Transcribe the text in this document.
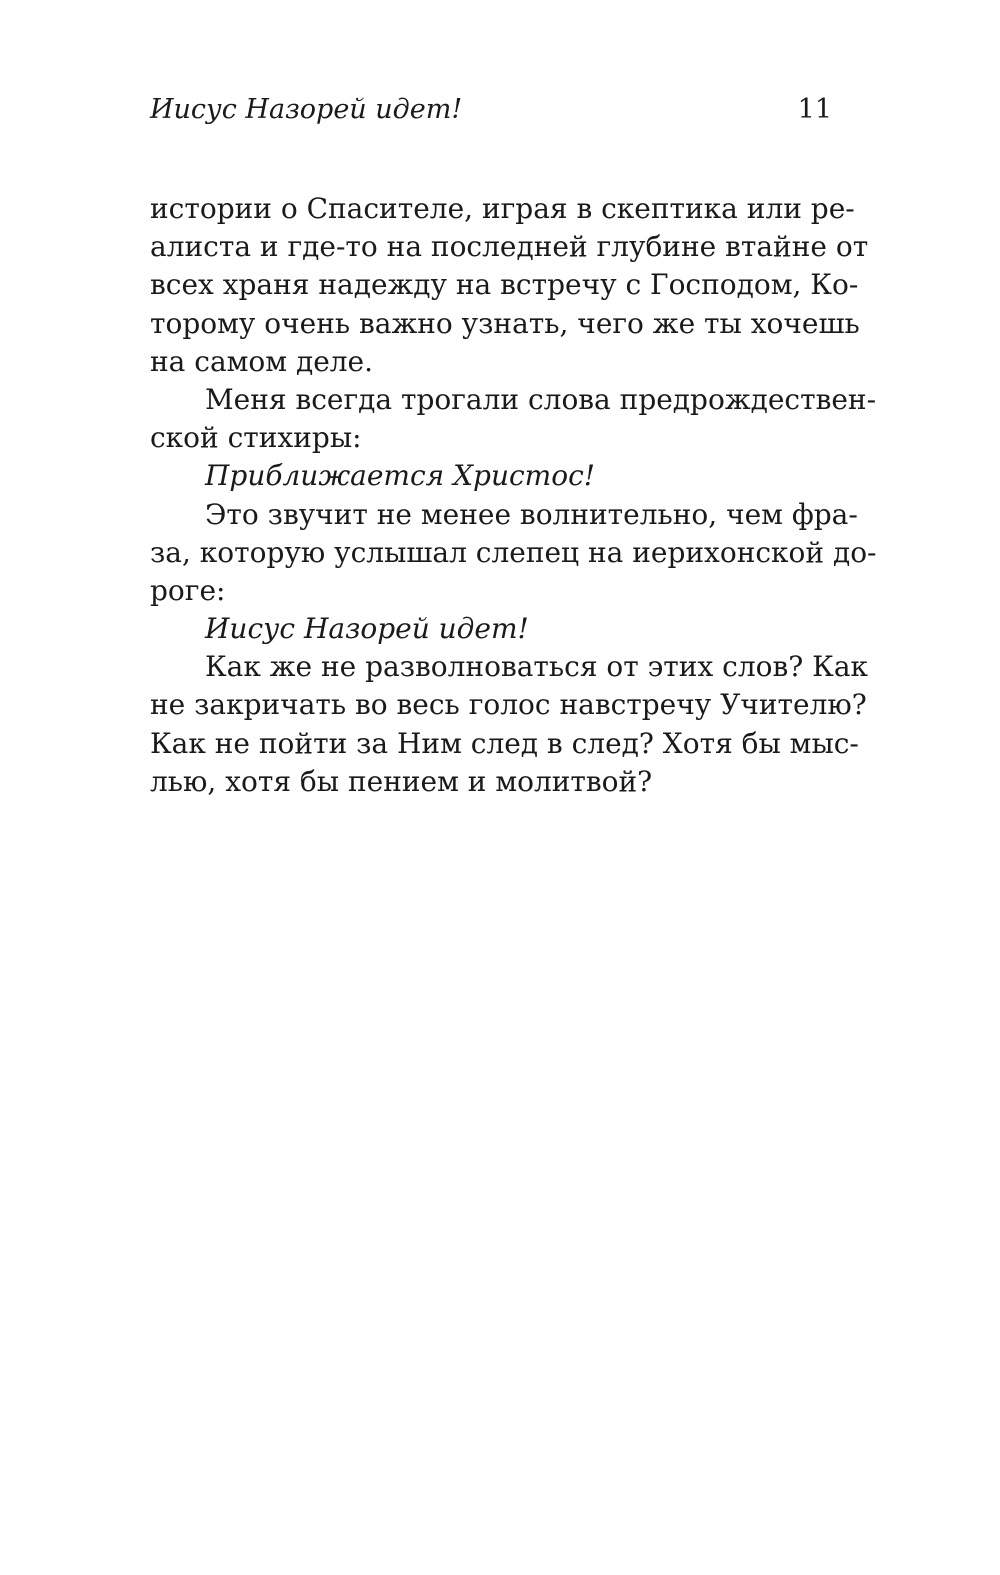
Иисус Назорей идет!	11
истории о Спасителе, играя в скептика или ре-
алиста и где-то на последней глубине втайне от
всех храня надежду на встречу с Господом, Ко-
торому очень важно узнать, чего же ты хочешь
на самом деле.
Меня всегда трогали слова предрождествен-
ской стихиры:
Приближается Христос!
Это звучит не менее волнительно, чем фра-
за, которую услышал слепец на иерихонской до-
роге:
Иисус Назорей идет!
Как же не разволноваться от этих слов? Как
не закричать во весь голос навстречу Учителю?
Как не пойти за Ним след в след? Хотя бы мыс-
лью, хотя бы пением и молитвой?
